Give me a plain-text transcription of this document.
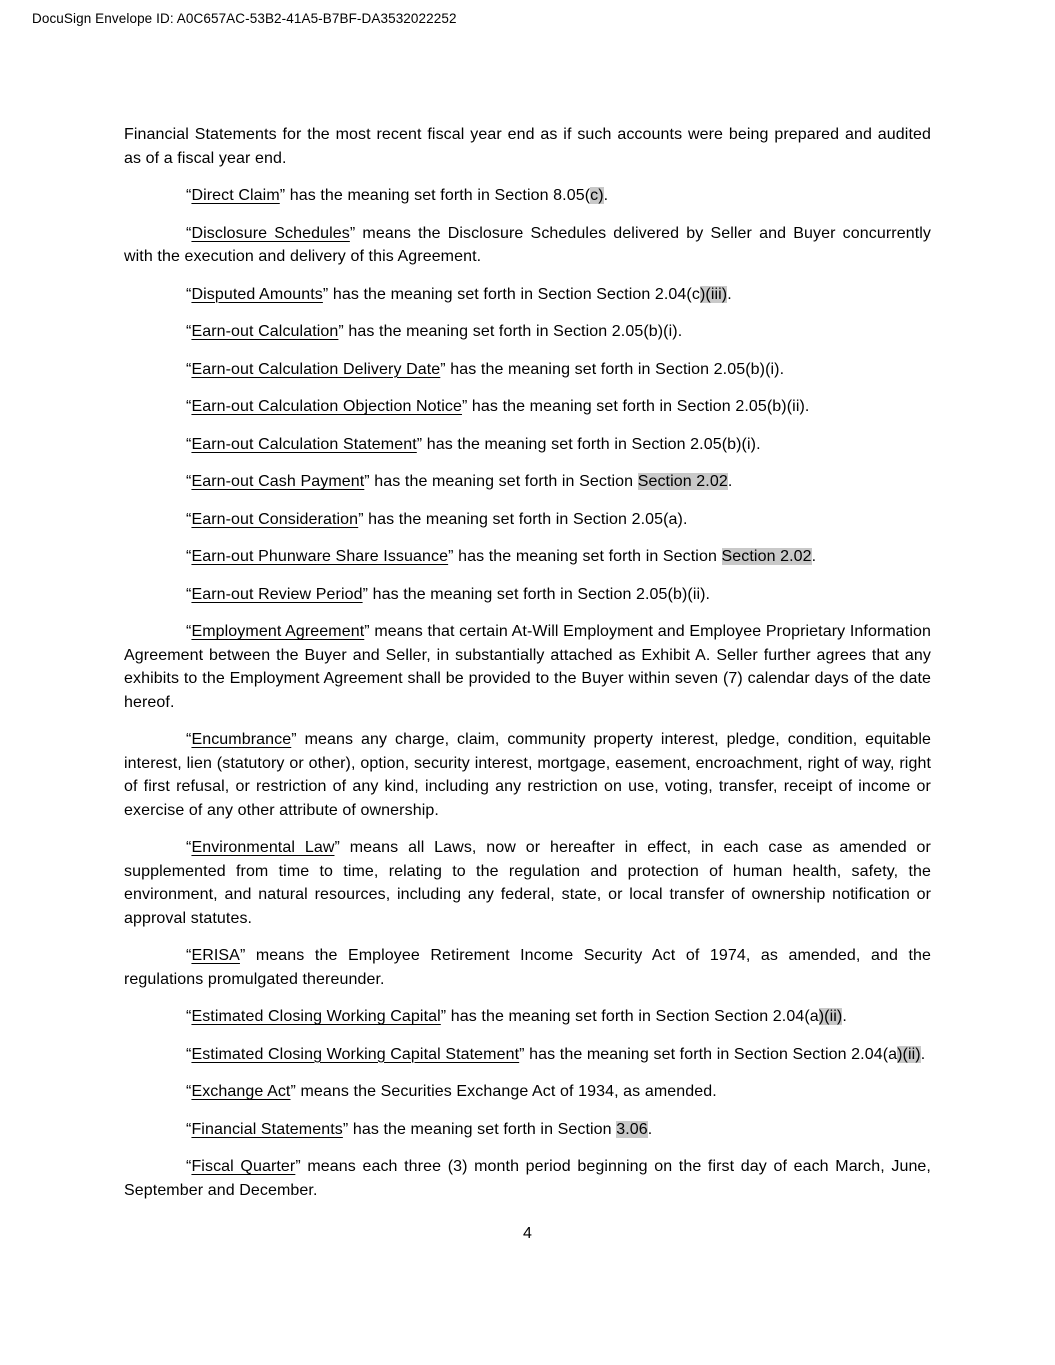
DocuSign Envelope ID: A0C657AC-53B2-41A5-B7BF-DA3532022252

Financial Statements for the most recent fiscal year end as if such accounts were being prepared and audited as of a fiscal year end.

“Direct Claim” has the meaning set forth in Section 8.05(c).

“Disclosure Schedules” means the Disclosure Schedules delivered by Seller and Buyer concurrently with the execution and delivery of this Agreement.

“Disputed Amounts” has the meaning set forth in Section Section 2.04(c)(iii).

“Earn-out Calculation” has the meaning set forth in Section 2.05(b)(i).

“Earn-out Calculation Delivery Date” has the meaning set forth in Section 2.05(b)(i).

“Earn-out Calculation Objection Notice” has the meaning set forth in Section 2.05(b)(ii).

“Earn-out Calculation Statement” has the meaning set forth in Section 2.05(b)(i).

“Earn-out Cash Payment” has the meaning set forth in Section Section 2.02.

“Earn-out Consideration” has the meaning set forth in Section 2.05(a).

“Earn-out Phunware Share Issuance” has the meaning set forth in Section Section 2.02.

“Earn-out Review Period” has the meaning set forth in Section 2.05(b)(ii).

“Employment Agreement” means that certain At-Will Employment and Employee Proprietary Information Agreement between the Buyer and Seller, in substantially attached as Exhibit A. Seller further agrees that any exhibits to the Employment Agreement shall be provided to the Buyer within seven (7) calendar days of the date hereof.

“Encumbrance” means any charge, claim, community property interest, pledge, condition, equitable interest, lien (statutory or other), option, security interest, mortgage, easement, encroachment, right of way, right of first refusal, or restriction of any kind, including any restriction on use, voting, transfer, receipt of income or exercise of any other attribute of ownership.

“Environmental Law” means all Laws, now or hereafter in effect, in each case as amended or supplemented from time to time, relating to the regulation and protection of human health, safety, the environment, and natural resources, including any federal, state, or local transfer of ownership notification or approval statutes.

“ERISA” means the Employee Retirement Income Security Act of 1974, as amended, and the regulations promulgated thereunder.

“Estimated Closing Working Capital” has the meaning set forth in Section Section 2.04(a)(ii).

“Estimated Closing Working Capital Statement” has the meaning set forth in Section Section 2.04(a)(ii).

“Exchange Act” means the Securities Exchange Act of 1934, as amended.

“Financial Statements” has the meaning set forth in Section 3.06.

“Fiscal Quarter” means each three (3) month period beginning on the first day of each March, June, September and December.

4
